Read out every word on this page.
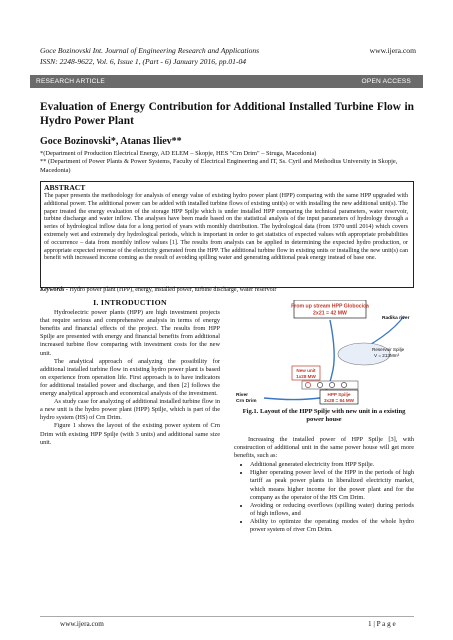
Goce Bozinovski Int. Journal of Engineering Research and Applications
ISSN: 2248-9622, Vol. 6, Issue 1, (Part - 6) January 2016, pp.01-04
www.ijera.com
RESEARCH ARTICLE	OPEN ACCESS
Evaluation of Energy Contribution for Additional Installed Turbine Flow in Hydro Power Plant
Goce Bozinovski*, Atanas Iliev**
*(Department of Production Electrical Energy, AD ELEM – Skopje, HES "Crn Drim" – Struga, Macedonia)
** (Department of Power Plants & Power Systems, Faculty of Electrical Engineering and IT, Ss. Cyril and Methodius University in Skopje, Macedonia)
ABSTRACT
The paper presents the methodology for analysis of energy value of existing hydro power plant (HPP) comparing with the same HPP upgraded with additional power. The additional power can be added with installed turbine flows of existing unit(s) or with installing the new additional unit(s). The paper treated the energy evaluation of the storage HPP Spilje which is under installed HPP comparing the technical parameters, water reservoir, turbine discharge and water inflow. The analyses have been made based on the statistical analysis of the input parameters of hydrology through a series of hydrological inflow data for a long period of years with monthly distribution. The hydrological data (from 1970 until 2014) which covers extremely wet and extremely dry hydrological periods, which is important in order to get statistics of expected values with appropriate probabilities of occurrence – data from monthly inflow values [1]. The results from analysis can be applied in determining the expected hydro production, or appropriate expected revenue of the electricity generated from the HPP. The additional turbine flow in existing units or installing the new unit(s) can benefit with increased income coming as the result of avoiding spilling water and generating additional peak energy instead of base one.
Keywords - Hydro power plant (HPP), energy, installed power, turbine discharge, water reservoir
I. INTRODUCTION

Hydroelectric power plants (HPP) are high investment projects that require serious and comprehensive analysis in terms of energy benefits and financial effects of the project. The results from HPP Spilje are presented with energy and financial benefits from additional increased turbine flow comparing with investment costs for the new unit.

The analytical approach of analyzing the possibility for additional installed turbine flow in existing hydro power plant is based on experience from operation life. First approach is to have indicators for additional installed power and discharge, and then [2] follows the energy analytical approach and economical analysis of the investment.

As study case for analyzing of additional installed turbine flow in a new unit is the hydro power plant (HPP) Spilje, which is part of the hydro system (HS) of Crn Drim.

Figure 1 shows the layout of the existing power system of Crn Drim with existing HPP Spilje (with 3 units) and additional same size unit.

From up stream HPP Globocica
2x21 = 42 MW
Radika river
Reservoir Spilje
V = 213Mm³
New unit
1x28 MW
HPP Spilje
3x28 = 84 MW
River
Crn Drim
Fig.1. Layout of the HPP Spilje with new unit in a existing power house

Increasing the installed power of HPP Spilje [3], with construction of additional unit in the same power house will get more benefits, such as:

• Additional generated electricity from HPP Spilje.
• Higher operating power level of the HPP in the periods of high tariff as peak power plants in liberalized electricity market, which means higher income for the power plant and for the company as the operator of the HS Crn Drim.
• Avoiding or reducing overflows (spilling water) during periods of high inflows, and
• Ability to optimize the operating modes of the whole hydro power system of river Crn Drim.
www.ijera.com	1 | P a g e
